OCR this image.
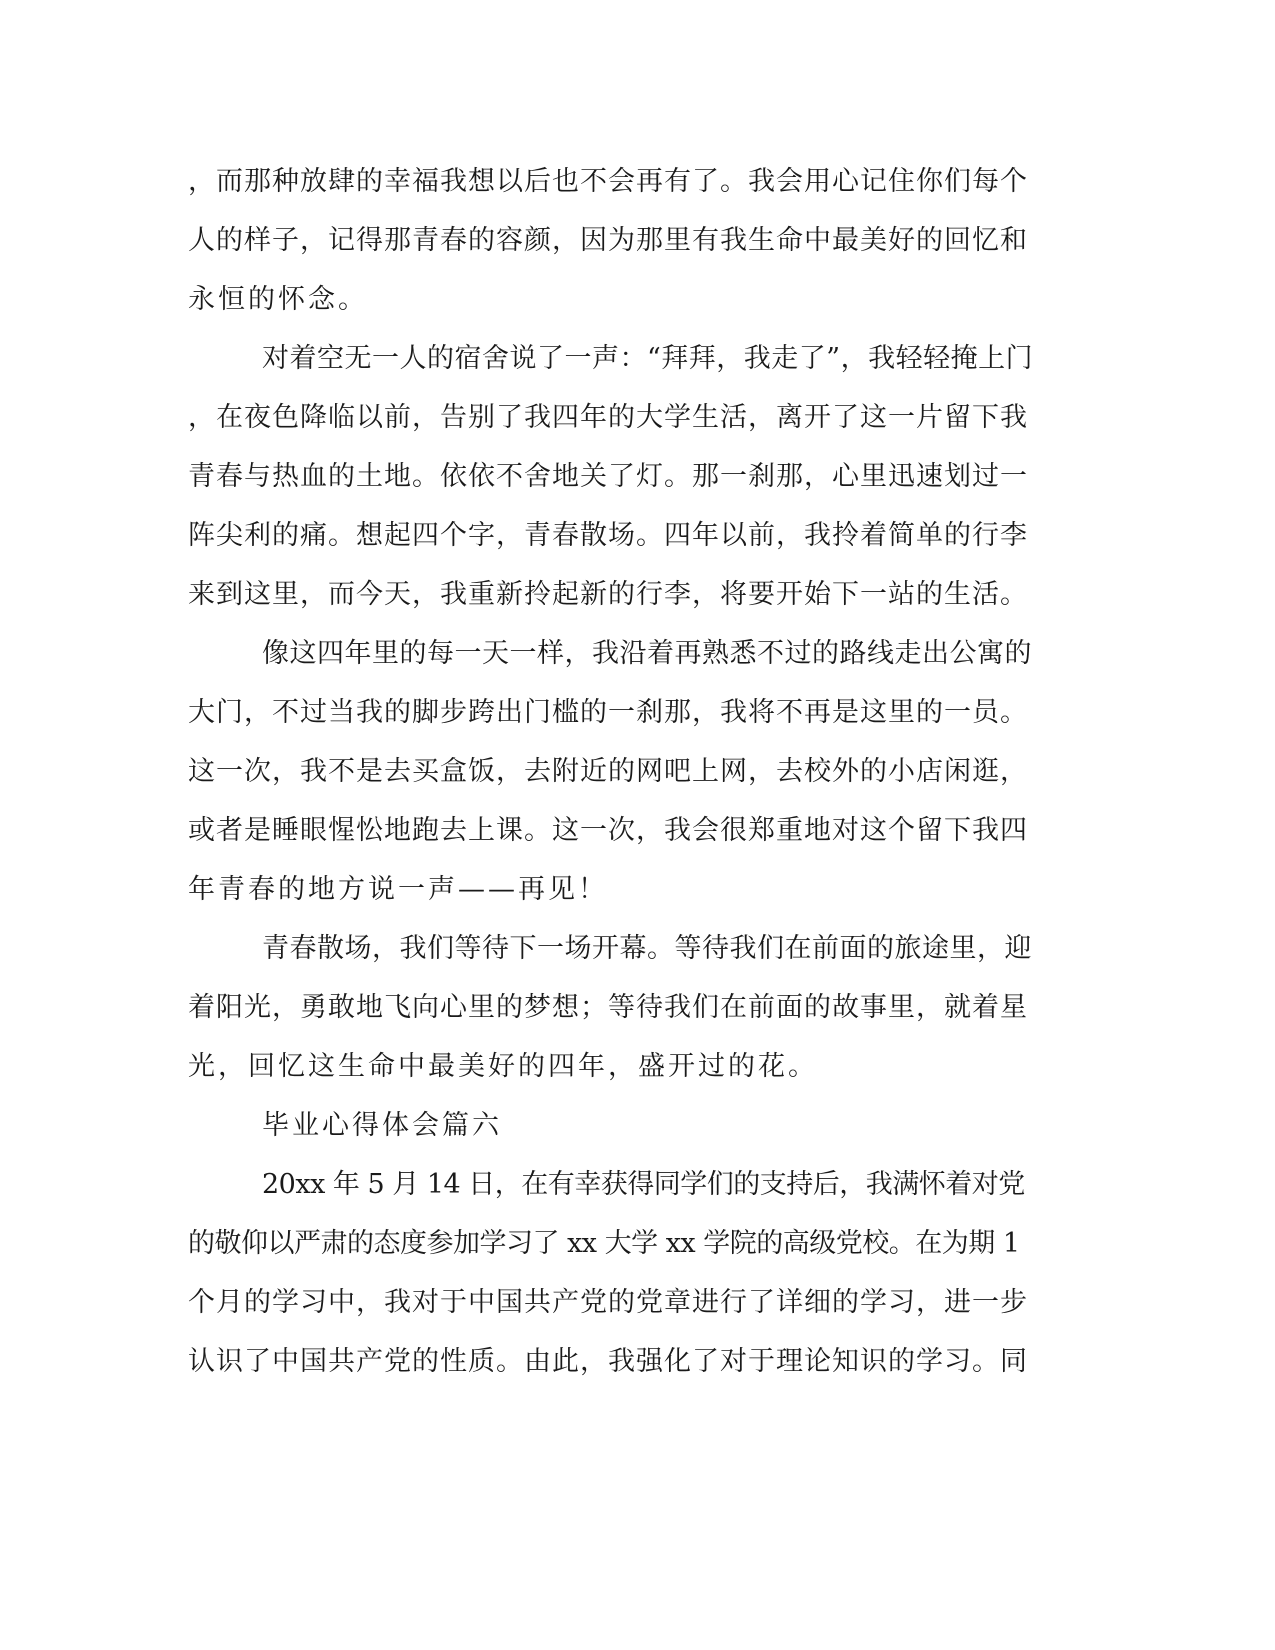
，而那种放肆的幸福我想以后也不会再有了。我会用心记住你们每个
人的样子，记得那青春的容颜，因为那里有我生命中最美好的回忆和
永恒的怀念。
对着空无一人的宿舍说了一声：“拜拜，我走了”，我轻轻掩上门
，在夜色降临以前，告别了我四年的大学生活，离开了这一片留下我
青春与热血的土地。依依不舍地关了灯。那一刹那，心里迅速划过一
阵尖利的痛。想起四个字，青春散场。四年以前，我拎着简单的行李
来到这里，而今天，我重新拎起新的行李，将要开始下一站的生活。
像这四年里的每一天一样，我沿着再熟悉不过的路线走出公寓的
大门，不过当我的脚步跨出门槛的一刹那，我将不再是这里的一员。
这一次，我不是去买盒饭，去附近的网吧上网，去校外的小店闲逛，
或者是睡眼惺忪地跑去上课。这一次，我会很郑重地对这个留下我四
年青春的地方说一声——再见！
青春散场，我们等待下一场开幕。等待我们在前面的旅途里，迎
着阳光，勇敢地飞向心里的梦想；等待我们在前面的故事里，就着星
光，回忆这生命中最美好的四年，盛开过的花。
毕业心得体会篇六
20xx 年 5 月 14 日，在有幸获得同学们的支持后，我满怀着对党
的敬仰以严肃的态度参加学习了 xx 大学 xx 学院的高级党校。在为期 1
个月的学习中，我对于中国共产党的党章进行了详细的学习，进一步
认识了中国共产党的性质。由此，我强化了对于理论知识的学习。同
